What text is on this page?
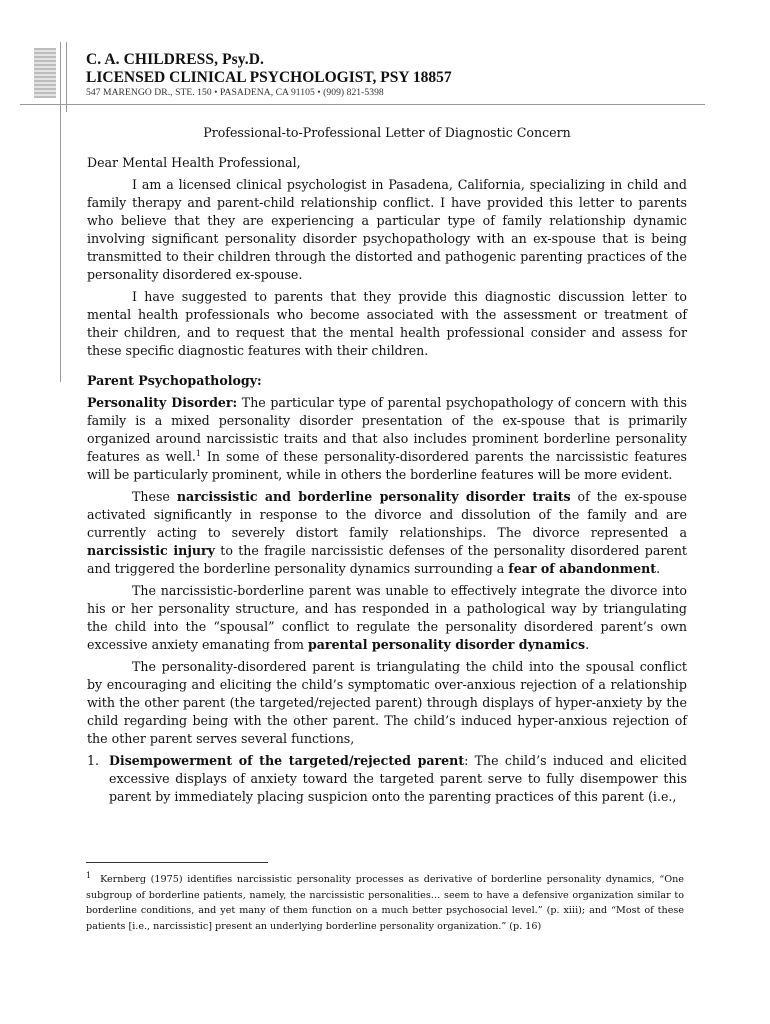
C. A. CHILDRESS, Psy.D.
LICENSED CLINICAL PSYCHOLOGIST, PSY 18857
547 MARENGO DR., STE. 150 • PASADENA, CA 91105 • (909) 821-5398

Professional-to-Professional Letter of Diagnostic Concern

Dear Mental Health Professional,

I am a licensed clinical psychologist in Pasadena, California, specializing in child and family therapy and parent-child relationship conflict. I have provided this letter to parents who believe that they are experiencing a particular type of family relationship dynamic involving significant personality disorder psychopathology with an ex-spouse that is being transmitted to their children through the distorted and pathogenic parenting practices of the personality disordered ex-spouse.

I have suggested to parents that they provide this diagnostic discussion letter to mental health professionals who become associated with the assessment or treatment of their children, and to request that the mental health professional consider and assess for these specific diagnostic features with their children.

Parent Psychopathology:

Personality Disorder: The particular type of parental psychopathology of concern with this family is a mixed personality disorder presentation of the ex-spouse that is primarily organized around narcissistic traits and that also includes prominent borderline personality features as well.$^1$ In some of these personality-disordered parents the narcissistic features will be particularly prominent, while in others the borderline features will be more evident.

These narcissistic and borderline personality disorder traits of the ex-spouse activated significantly in response to the divorce and dissolution of the family and are currently acting to severely distort family relationships. The divorce represented a narcissistic injury to the fragile narcissistic defenses of the personality disordered parent and triggered the borderline personality dynamics surrounding a fear of abandonment.

The narcissistic-borderline parent was unable to effectively integrate the divorce into his or her personality structure, and has responded in a pathological way by triangulating the child into the “spousal” conflict to regulate the personality disordered parent’s own excessive anxiety emanating from parental personality disorder dynamics.

The personality-disordered parent is triangulating the child into the spousal conflict by encouraging and eliciting the child’s symptomatic over-anxious rejection of a relationship with the other parent (the targeted/rejected parent) through displays of hyper-anxiety by the child regarding being with the other parent. The child’s induced hyper-anxious rejection of the other parent serves several functions,

1. Disempowerment of the targeted/rejected parent: The child’s induced and elicited excessive displays of anxiety toward the targeted parent serve to fully disempower this parent by immediately placing suspicion onto the parenting practices of this parent (i.e.,

$^1$ Kernberg (1975) identifies narcissistic personality processes as derivative of borderline personality dynamics, “One subgroup of borderline patients, namely, the narcissistic personalities… seem to have a defensive organization similar to borderline conditions, and yet many of them function on a much better psychosocial level.” (p. xiii); and “Most of these patients [i.e., narcissistic] present an underlying borderline personality organization.” (p. 16)
